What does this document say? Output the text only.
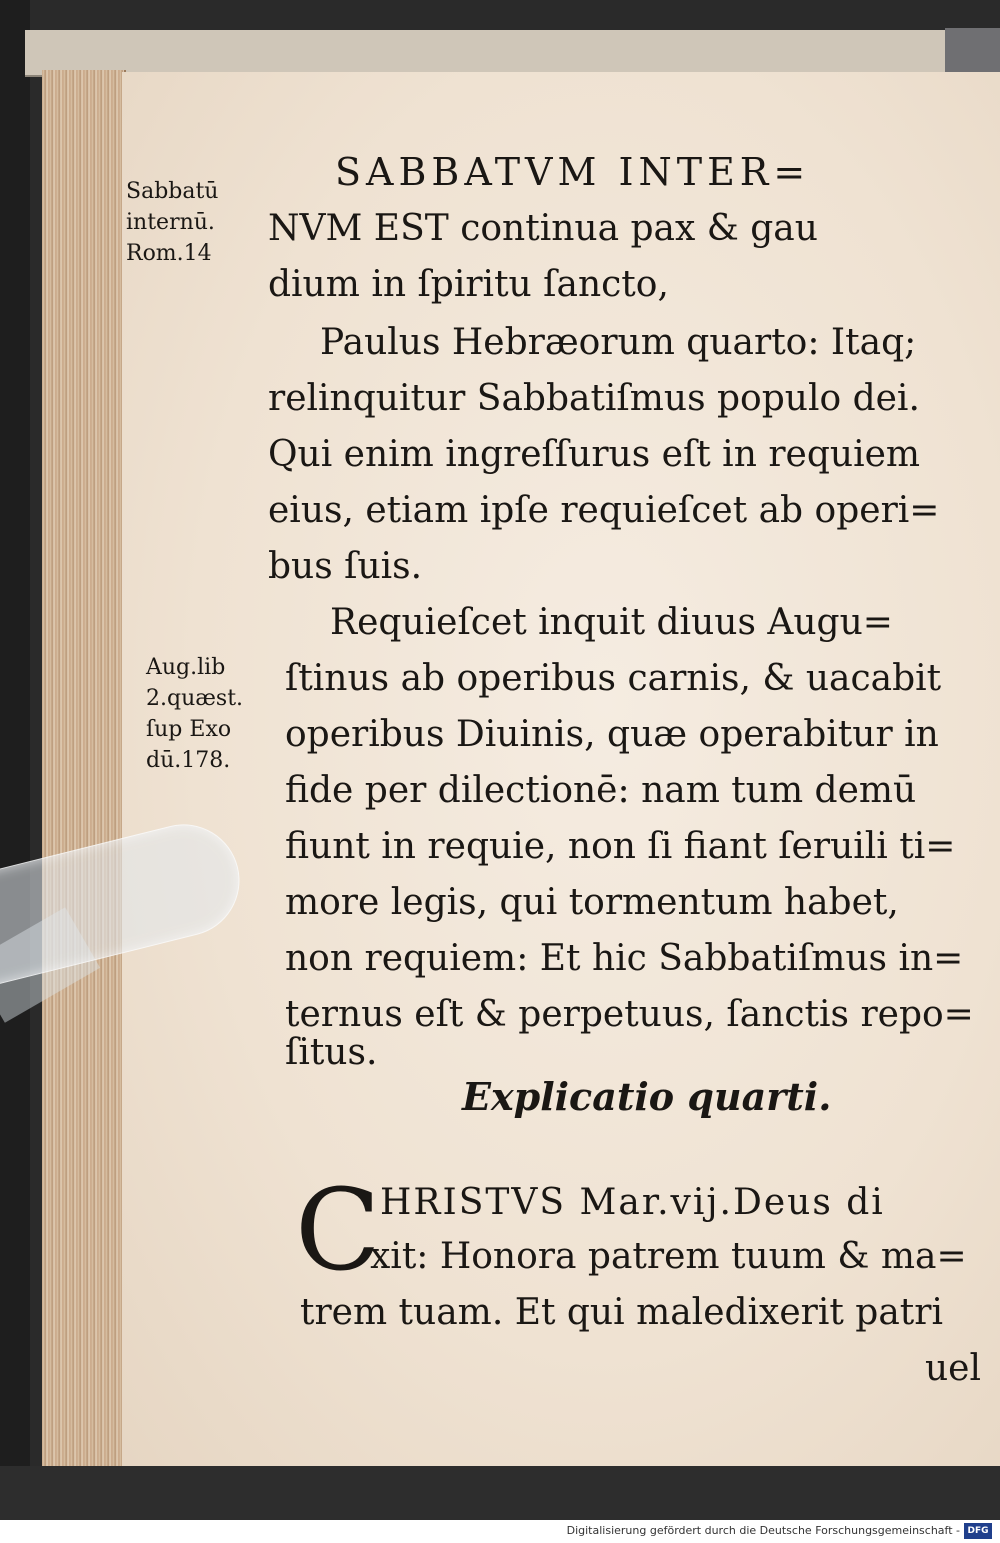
Sabbatū
internū.
Rom.14
Aug.lib
2.quæst.
ſup Exo
dū.178.
SABBATVM INTER=
NVM EST continua pax & gau
dium in ſpiritu ſancto,
Paulus Hebræorum quarto: Itaq;
relinquitur Sabbatiſmus populo dei.
Qui enim ingreſſurus eſt in requiem
eius, etiam ipſe requieſcet ab operi=
bus ſuis.
Requieſcet inquit diuus Augu=
ſtinus ab operibus carnis, & uacabit
operibus Diuinis, quæ operabitur in
fide per dilectionē: nam tum demū
fiunt in requie, non ſi fiant ſeruili ti=
more legis, qui tormentum habet,
non requiem: Et hic Sabbatiſmus in=
ternus eſt & perpetuus, ſanctis repo=
ſitus.
Explicatio quarti.
C HRISTVS Mar.vij.Deus di
xit: Honora patrem tuum & ma=
trem tuam. Et qui maledixerit patri
uel
Digitalisierung gefördert durch die Deutsche Forschungsgemeinschaft - DFG
